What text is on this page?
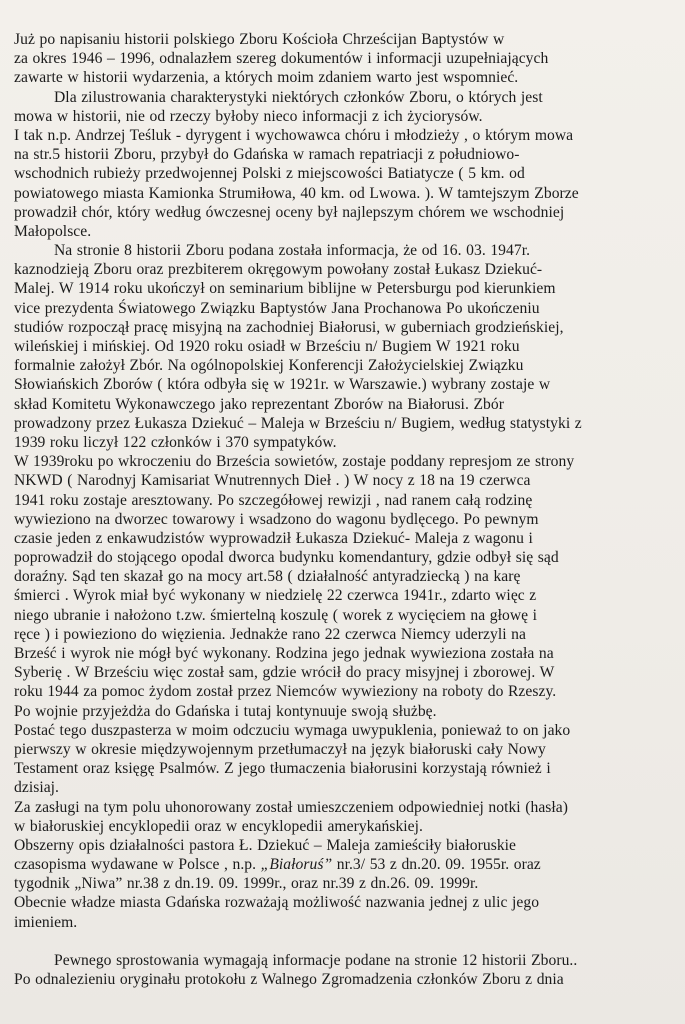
Już po napisaniu historii polskiego Zboru Kościoła Chrześcijan Baptystów w
za okres 1946 – 1996, odnalazłem szereg dokumentów i informacji uzupełniających
zawarte w historii wydarzenia, a których moim zdaniem warto jest wspomnieć.
Dla zilustrowania charakterystyki niektórych członków Zboru, o których jest
mowa w historii, nie od rzeczy byłoby nieco informacji z ich życiorysów.
I tak n.p. Andrzej Teśluk - dyrygent i wychowawca chóru i młodzieży , o którym mowa
na str.5 historii Zboru, przybył do Gdańska w ramach repatriacji z południowo-
wschodnich rubieży przedwojennej Polski z miejscowości Batiatycze ( 5 km. od
powiatowego miasta Kamionka Strumiłowa, 40 km. od Lwowa. ). W tamtejszym Zborze
prowadził chór, który według ówczesnej oceny był najlepszym chórem we wschodniej
Małopolsce.
Na stronie 8 historii Zboru podana została informacja, że od 16. 03. 1947r.
kaznodzieją Zboru oraz prezbiterem okręgowym powołany został Łukasz Dziekuć-
Malej. W 1914 roku ukończył on seminarium biblijne w Petersburgu pod kierunkiem
vice prezydenta Światowego Związku Baptystów Jana Prochanowa Po ukończeniu
studiów rozpoczął pracę misyjną na zachodniej Białorusi, w guberniach grodzieńskiej,
wileńskiej i mińskiej. Od 1920 roku osiadł w Brześciu n/ Bugiem W 1921 roku
formalnie założył Zbór. Na ogólnopolskiej Konferencji Założycielskiej Związku
Słowiańskich Zborów ( która odbyła się w 1921r. w Warszawie.) wybrany zostaje w
skład Komitetu Wykonawczego jako reprezentant Zborów na Białorusi. Zbór
prowadzony przez Łukasza Dziekuć – Maleja w Brześciu n/ Bugiem, według statystyki z
1939 roku liczył 122 członków i 370 sympatyków.
W 1939roku po wkroczeniu do Brześcia sowietów, zostaje poddany represjom ze strony
NKWD ( Narodnyj Kamisariat Wnutrennych Dieł . ) W nocy z 18 na 19 czerwca
1941 roku zostaje aresztowany. Po szczegółowej rewizji , nad ranem całą rodzinę
wywieziono na dworzec towarowy i wsadzono do wagonu bydlęcego. Po pewnym
czasie jeden z enkawudzistów wyprowadził Łukasza Dziekuć- Maleja z wagonu i
poprowadził do stojącego opodal dworca budynku komendantury, gdzie odbył się sąd
doraźny. Sąd ten skazał go na mocy art.58 ( działalność antyradziecką ) na karę
śmierci . Wyrok miał być wykonany w niedzielę 22 czerwca 1941r., zdarto więc z
niego ubranie i nałożono t.zw. śmiertelną koszulę ( worek z wycięciem na głowę i
ręce ) i powieziono do więzienia. Jednakże rano 22 czerwca Niemcy uderzyli na
Brześć i wyrok nie mógł być wykonany. Rodzina jego jednak wywieziona została na
Syberię . W Brześciu więc został sam, gdzie wrócił do pracy misyjnej i zborowej. W
roku 1944 za pomoc żydom został przez Niemców wywieziony na roboty do Rzeszy.
Po wojnie przyjeżdża do Gdańska i tutaj kontynuuje swoją służbę.
Postać tego duszpasterza w moim odczuciu wymaga uwypuklenia, ponieważ to on jako
pierwszy w okresie międzywojennym przetłumaczył na język białoruski cały Nowy
Testament oraz księgę Psalmów. Z jego tłumaczenia białorusini korzystają również i
dzisiaj.
Za zasługi na tym polu uhonorowany został umieszczeniem odpowiedniej notki (hasła)
w białoruskiej encyklopedii oraz w encyklopedii amerykańskiej.
Obszerny opis działalności pastora Ł. Dziekuć – Maleja zamieściły białoruskie
czasopisma wydawane w Polsce , n.p. „Białoruś” nr.3/ 53 z dn.20. 09. 1955r. oraz
tygodnik „Niwa” nr.38 z dn.19. 09. 1999r., oraz nr.39 z dn.26. 09. 1999r.
Obecnie władze miasta Gdańska rozważają możliwość nazwania jednej z ulic jego
imieniem.
Pewnego sprostowania wymagają informacje podane na stronie 12 historii Zboru..
Po odnalezieniu oryginału protokołu z Walnego Zgromadzenia członków Zboru z dnia
